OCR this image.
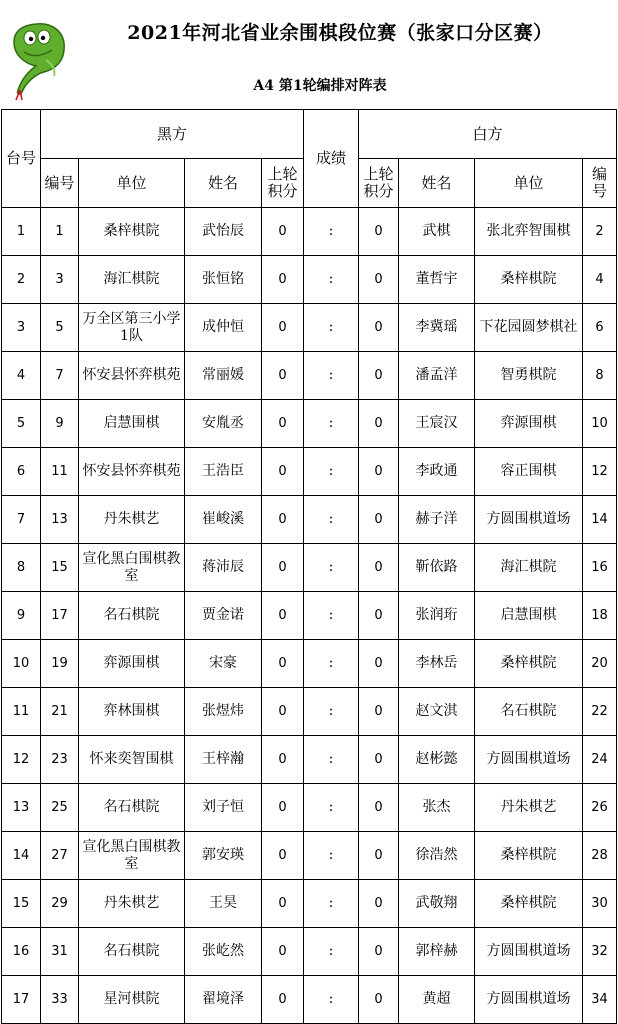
2021年河北省业余围棋段位赛（张家口分区赛）
A4 第1轮编排对阵表
台号	黑方				成绩	白方			
	编号	单位	姓名	上轮积分		上轮积分	姓名	单位	编号
1	1	桑梓棋院	武怡辰	0	:	0	武棋	张北弈智围棋	2
2	3	海汇棋院	张恒铭	0	:	0	董哲宇	桑梓棋院	4
3	5	万全区第三小学1队	成仲恒	0	:	0	李冀瑶	下花园圆梦棋社	6
4	7	怀安县怀弈棋苑	常丽媛	0	:	0	潘孟洋	智勇棋院	8
5	9	启慧围棋	安胤丞	0	:	0	王宸汉	弈源围棋	10
6	11	怀安县怀弈棋苑	王浩臣	0	:	0	李政通	容正围棋	12
7	13	丹朱棋艺	崔峻溪	0	:	0	赫子洋	方圆围棋道场	14
8	15	宣化黑白围棋教室	蒋沛辰	0	:	0	靳依路	海汇棋院	16
9	17	名石棋院	贾金诺	0	:	0	张润珩	启慧围棋	18
10	19	弈源围棋	宋豪	0	:	0	李林岳	桑梓棋院	20
11	21	弈林围棋	张煜炜	0	:	0	赵文淇	名石棋院	22
12	23	怀来奕智围棋	王梓瀚	0	:	0	赵彬懿	方圆围棋道场	24
13	25	名石棋院	刘子恒	0	:	0	张杰	丹朱棋艺	26
14	27	宣化黑白围棋教室	郭安瑛	0	:	0	徐浩然	桑梓棋院	28
15	29	丹朱棋艺	王昊	0	:	0	武敬翔	桑梓棋院	30
16	31	名石棋院	张屹然	0	:	0	郭梓赫	方圆围棋道场	32
17	33	星河棋院	翟境泽	0	:	0	黄超	方圆围棋道场	34
